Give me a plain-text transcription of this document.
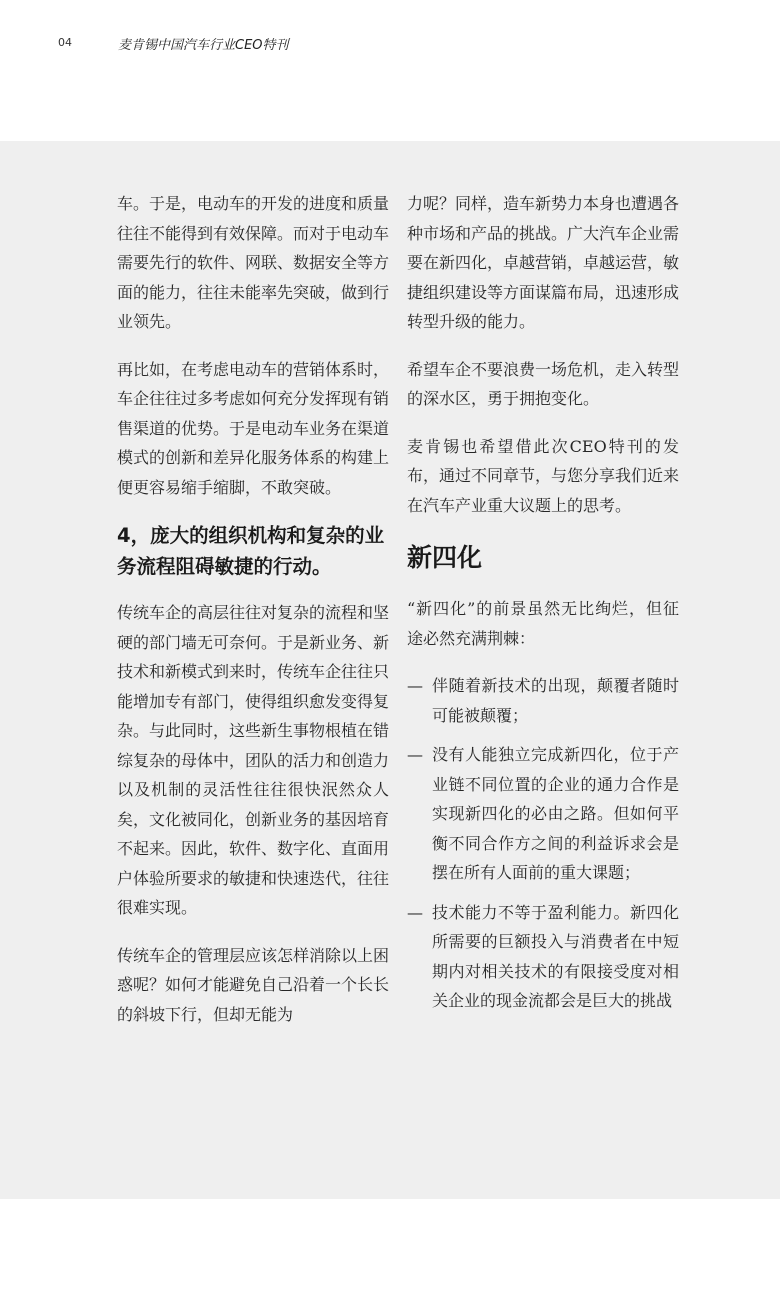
04	麦肯锡中国汽车行业CEO特刊

车。于是，电动车的开发的进度和质量往往不能得到有效保障。而对于电动车需要先行的软件、网联、数据安全等方面的能力，往往未能率先突破，做到行业领先。

再比如，在考虑电动车的营销体系时，车企往往过多考虑如何充分发挥现有销售渠道的优势。于是电动车业务在渠道模式的创新和差异化服务体系的构建上便更容易缩手缩脚，不敢突破。

4，庞大的组织机构和复杂的业务流程阻碍敏捷的行动。

传统车企的高层往往对复杂的流程和坚硬的部门墙无可奈何。于是新业务、新技术和新模式到来时，传统车企往往只能增加专有部门，使得组织愈发变得复杂。与此同时，这些新生事物根植在错综复杂的母体中，团队的活力和创造力以及机制的灵活性往往很快泯然众人矣，文化被同化，创新业务的基因培育不起来。因此，软件、数字化、直面用户体验所要求的敏捷和快速迭代，往往很难实现。

传统车企的管理层应该怎样消除以上困惑呢？如何才能避免自己沿着一个长长的斜坡下行，但却无能为

力呢？同样，造车新势力本身也遭遇各种市场和产品的挑战。广大汽车企业需要在新四化，卓越营销，卓越运营，敏捷组织建设等方面谋篇布局，迅速形成转型升级的能力。

希望车企不要浪费一场危机，走入转型的深水区，勇于拥抱变化。

麦肯锡也希望借此次CEO特刊的发布，通过不同章节，与您分享我们近来在汽车产业重大议题上的思考。

新四化

“新四化”的前景虽然无比绚烂，但征途必然充满荆棘：

— 伴随着新技术的出现，颠覆者随时可能被颠覆；
— 没有人能独立完成新四化，位于产业链不同位置的企业的通力合作是实现新四化的必由之路。但如何平衡不同合作方之间的利益诉求会是摆在所有人面前的重大课题；
— 技术能力不等于盈利能力。新四化所需要的巨额投入与消费者在中短期内对相关技术的有限接受度对相关企业的现金流都会是巨大的挑战
